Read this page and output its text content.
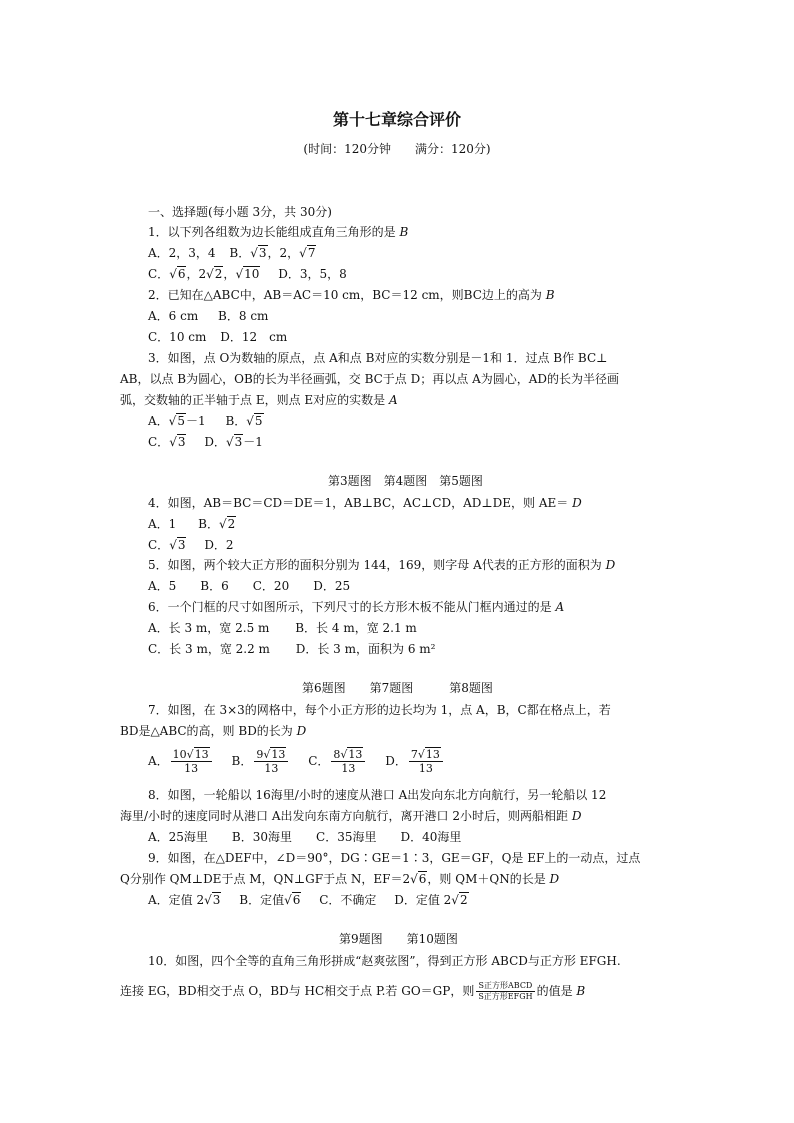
第十七章综合评价
(时间：120分钟　　满分：120分)
一、选择题(每小题 3分，共 30分)
1．以下列各组数为边长能组成直角三角形的是 B
A．2，3，4 B．√3，2，√7
C．√6，2√2，√10 D．3，5，8
2．已知在△ABC中，AB＝AC＝10 cm，BC＝12 cm，则BC边上的高为 B
A．6 cm B．8 cm
C．10 cm D．12　cm
3．如图，点 O为数轴的原点，点 A和点 B对应的实数分别是－1和 1．过点 B作 BC⊥
AB，以点 B为圆心，OB的长为半径画弧，交 BC于点 D；再以点 A为圆心，AD的长为半径画
弧，交数轴的正半轴于点 E，则点 E对应的实数是 A
A．√5－1 B．√5
C．√3 D．√3－1
第3题图　第4题图　第5题图
4．如图，AB＝BC＝CD＝DE＝1，AB⊥BC，AC⊥CD，AD⊥DE，则 AE＝ D
A．1 B．√2
C．√3 D．2
5．如图，两个较大正方形的面积分别为 144，169，则字母 A代表的正方形的面积为 D
A．5　　B．6　　C．20　　D．25
6．一个门框的尺寸如图所示，下列尺寸的长方形木板不能从门框内通过的是 A
A．长 3 m，宽 2.5 m B．长 4 m，宽 2.1 m
C．长 3 m，宽 2.2 m D．长 3 m，面积为 6 m²
第6题图　　第7题图　　　第8题图
7．如图，在 3×3的网格中，每个小正方形的边长均为 1，点 A，B，C都在格点上，若
BD是△ABC的高，则 BD的长为 D
A． $\frac{10√13}{13}$ B． $\frac{9√13}{13}$ C． $\frac{8√13}{13}$ D． $\frac{7√13}{13}$
8．如图，一轮船以 16海里/小时的速度从港口 A出发向东北方向航行，另一轮船以 12
海里/小时的速度同时从港口 A出发向东南方向航行，离开港口 2小时后，则两船相距 D
A．25海里　　B．30海里　　C．35海里　　D．40海里
9．如图，在△DEF中，∠D＝90°，DG∶GE＝1∶3，GE＝GF，Q是 EF上的一动点，过点
Q分别作 QM⊥DE于点 M，QN⊥GF于点 N，EF＝2√6，则 QM＋QN的长是 D
A．定值 2√3 B．定值√6 C．不确定 D．定值 2√2
第9题图　　第10题图
10．如图，四个全等的直角三角形拼成“赵爽弦图”，得到正方形 ABCD与正方形 EFGH.
连接 EG，BD相交于点 O，BD与 HC相交于点 P.若 GO＝GP，则 $\frac{\text{S正方形ABCD}}{\text{S正方形EFGH}}$ 的值是 B
